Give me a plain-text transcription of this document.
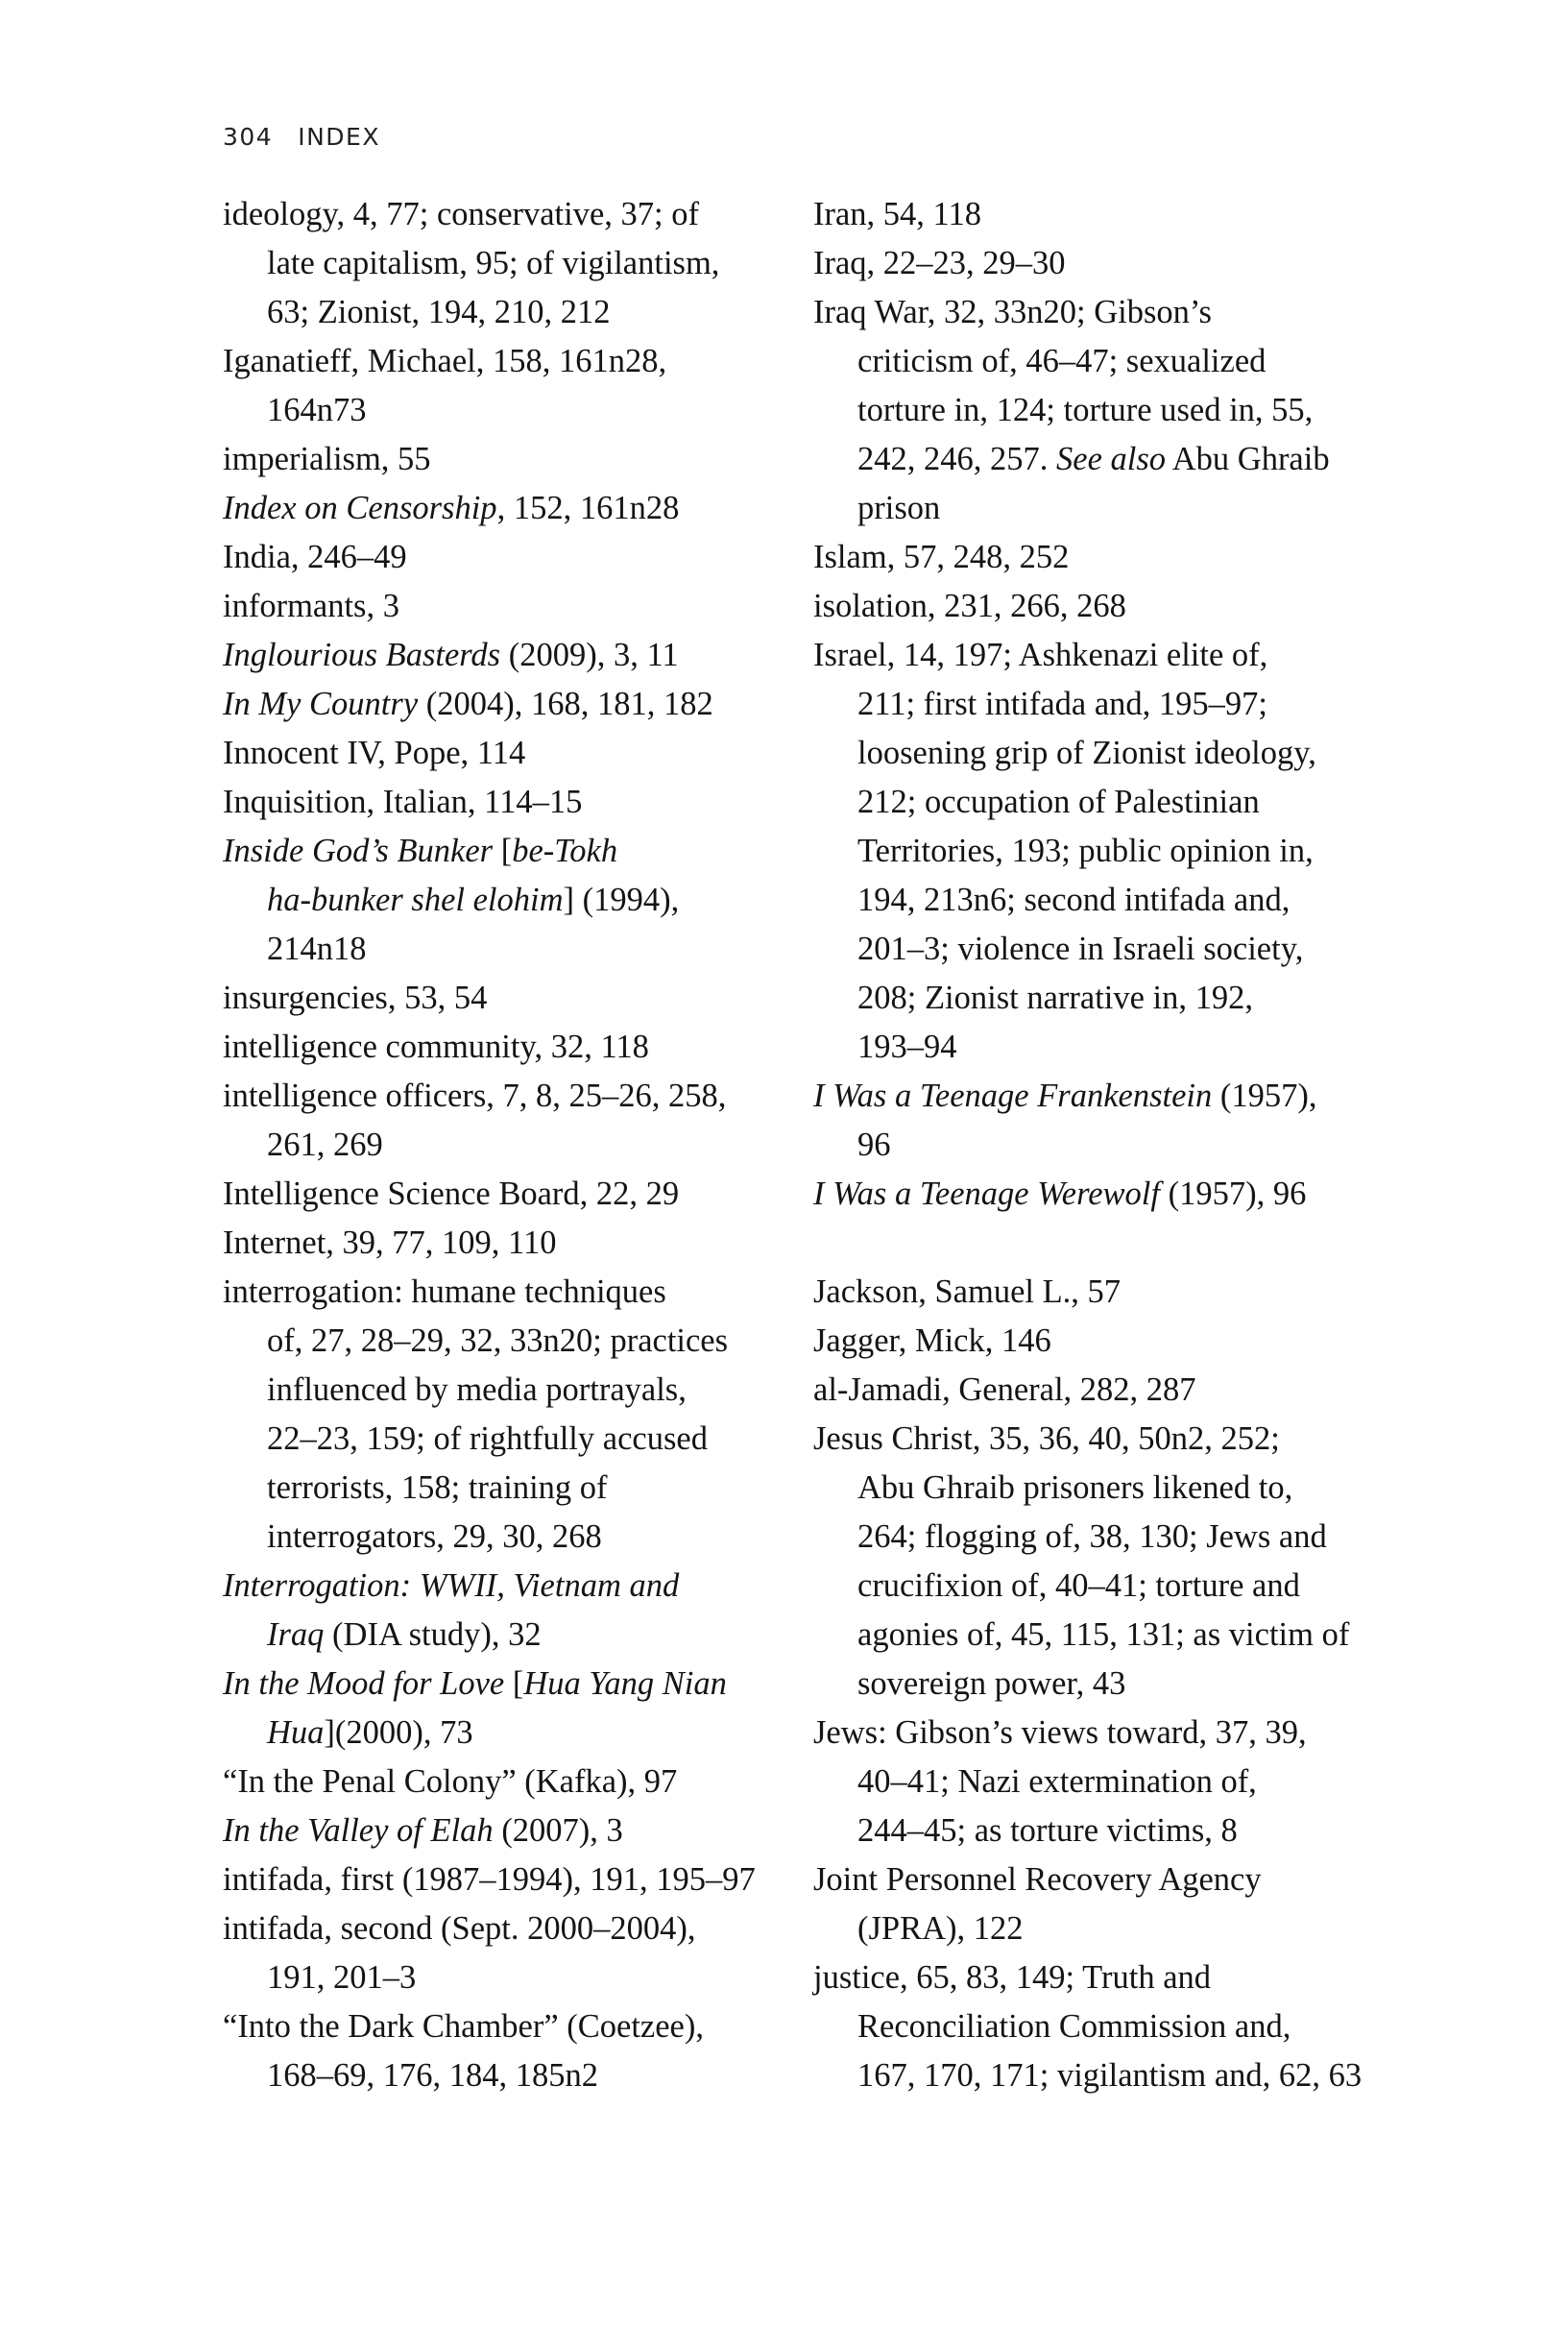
304 INDEX
ideology, 4, 77; conservative, 37; of
late capitalism, 95; of vigilantism,
63; Zionist, 194, 210, 212
Iganatieff, Michael, 158, 161n28,
164n73
imperialism, 55
Index on Censorship, 152, 161n28
India, 246–49
informants, 3
Inglourious Basterds (2009), 3, 11
In My Country (2004), 168, 181, 182
Innocent IV, Pope, 114
Inquisition, Italian, 114–15
Inside God’s Bunker [be-Tokh
ha-bunker shel elohim] (1994),
214n18
insurgencies, 53, 54
intelligence community, 32, 118
intelligence officers, 7, 8, 25–26, 258,
261, 269
Intelligence Science Board, 22, 29
Internet, 39, 77, 109, 110
interrogation: humane techniques
of, 27, 28–29, 32, 33n20; practices
influenced by media portrayals,
22–23, 159; of rightfully accused
terrorists, 158; training of
interrogators, 29, 30, 268
Interrogation: WWII, Vietnam and
Iraq (DIA study), 32
In the Mood for Love [Hua Yang Nian
Hua](2000), 73
“In the Penal Colony” (Kafka), 97
In the Valley of Elah (2007), 3
intifada, first (1987–1994), 191, 195–97
intifada, second (Sept. 2000–2004),
191, 201–3
“Into the Dark Chamber” (Coetzee),
168–69, 176, 184, 185n2
Iran, 54, 118
Iraq, 22–23, 29–30
Iraq War, 32, 33n20; Gibson’s
criticism of, 46–47; sexualized
torture in, 124; torture used in, 55,
242, 246, 257. See also Abu Ghraib
prison
Islam, 57, 248, 252
isolation, 231, 266, 268
Israel, 14, 197; Ashkenazi elite of,
211; first intifada and, 195–97;
loosening grip of Zionist ideology,
212; occupation of Palestinian
Territories, 193; public opinion in,
194, 213n6; second intifada and,
201–3; violence in Israeli society,
208; Zionist narrative in, 192,
193–94
I Was a Teenage Frankenstein (1957),
96
I Was a Teenage Werewolf (1957), 96
Jackson, Samuel L., 57
Jagger, Mick, 146
al-Jamadi, General, 282, 287
Jesus Christ, 35, 36, 40, 50n2, 252;
Abu Ghraib prisoners likened to,
264; flogging of, 38, 130; Jews and
crucifixion of, 40–41; torture and
agonies of, 45, 115, 131; as victim of
sovereign power, 43
Jews: Gibson’s views toward, 37, 39,
40–41; Nazi extermination of,
244–45; as torture victims, 8
Joint Personnel Recovery Agency
(JPRA), 122
justice, 65, 83, 149; Truth and
Reconciliation Commission and,
167, 170, 171; vigilantism and, 62, 63
